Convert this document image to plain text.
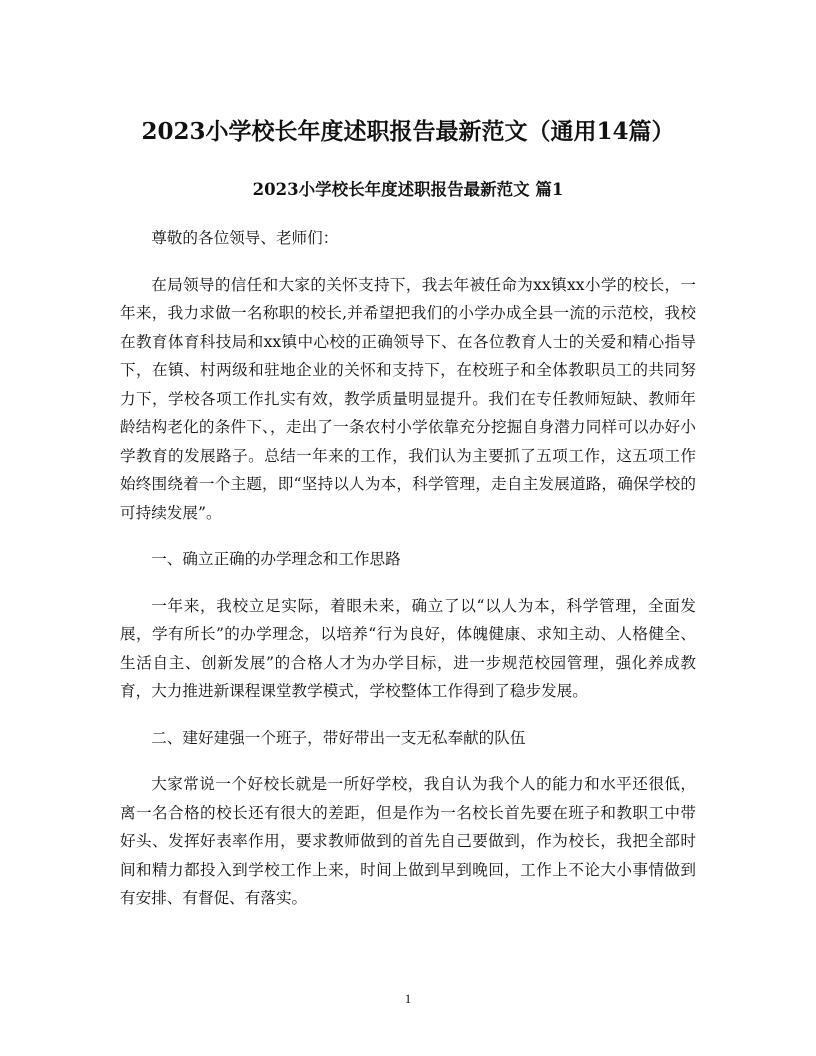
2023小学校长年度述职报告最新范文（通用14篇）
2023小学校长年度述职报告最新范文 篇1

尊敬的各位领导、老师们：

在局领导的信任和大家的关怀支持下，我去年被任命为xx镇xx小学的校长，一年来，我力求做一名称职的校长,并希望把我们的小学办成全县一流的示范校，我校在教育体育科技局和xx镇中心校的正确领导下、在各位教育人士的关爱和精心指导下，在镇、村两级和驻地企业的关怀和支持下，在校班子和全体教职员工的共同努力下，学校各项工作扎实有效，教学质量明显提升。我们在专任教师短缺、教师年龄结构老化的条件下、，走出了一条农村小学依靠充分挖掘自身潜力同样可以办好小学教育的发展路子。总结一年来的工作，我们认为主要抓了五项工作，这五项工作始终围绕着一个主题，即“坚持以人为本，科学管理，走自主发展道路，确保学校的可持续发展”。

一、确立正确的办学理念和工作思路

一年来，我校立足实际，着眼未来，确立了以“以人为本，科学管理，全面发展，学有所长”的办学理念，以培养“行为良好，体魄健康、求知主动、人格健全、生活自主、创新发展”的合格人才为办学目标，进一步规范校园管理，强化养成教育，大力推进新课程课堂教学模式，学校整体工作得到了稳步发展。

二、建好建强一个班子，带好带出一支无私奉献的队伍

大家常说一个好校长就是一所好学校，我自认为我个人的能力和水平还很低，离一名合格的校长还有很大的差距，但是作为一名校长首先要在班子和教职工中带好头、发挥好表率作用，要求教师做到的首先自己要做到，作为校长，我把全部时间和精力都投入到学校工作上来，时间上做到早到晚回，工作上不论大小事情做到有安排、有督促、有落实。

1
